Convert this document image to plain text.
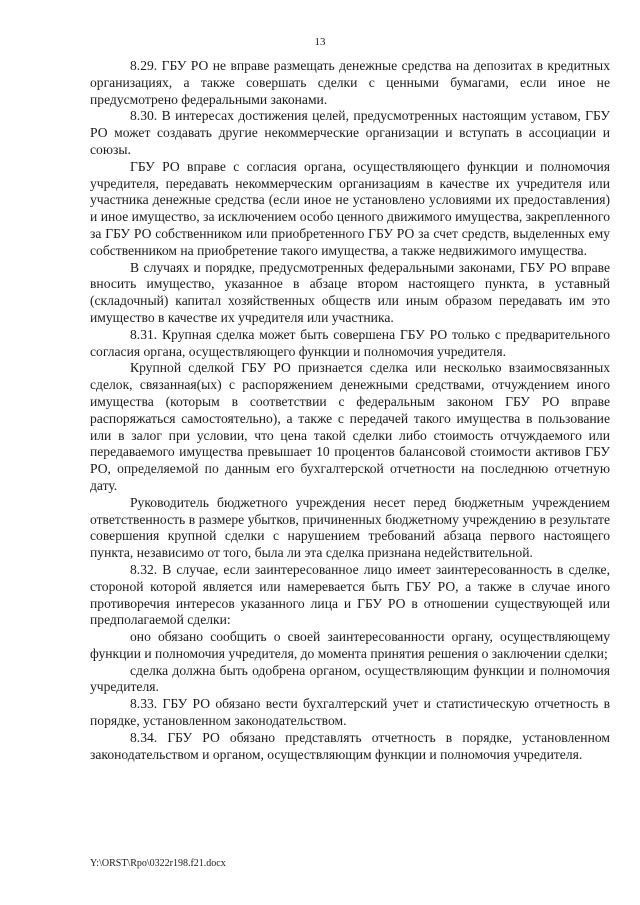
13

8.29. ГБУ РО не вправе размещать денежные средства на депозитах в кредитных организациях, а также совершать сделки с ценными бумагами, если иное не предусмотрено федеральными законами.

8.30. В интересах достижения целей, предусмотренных настоящим уставом, ГБУ РО может создавать другие некоммерческие организации и вступать в ассоциации и союзы.

ГБУ РО вправе с согласия органа, осуществляющего функции и полномочия учредителя, передавать некоммерческим организациям в качестве их учредителя или участника денежные средства (если иное не установлено условиями их предоставления) и иное имущество, за исключением особо ценного движимого имущества, закрепленного за ГБУ РО собственником или приобретенного ГБУ РО за счет средств, выделенных ему собственником на приобретение такого имущества, а также недвижимого имущества.

В случаях и порядке, предусмотренных федеральными законами, ГБУ РО вправе вносить имущество, указанное в абзаце втором настоящего пункта, в уставный (складочный) капитал хозяйственных обществ или иным образом передавать им это имущество в качестве их учредителя или участника.

8.31. Крупная сделка может быть совершена ГБУ РО только с предварительного согласия органа, осуществляющего функции и полномочия учредителя.

Крупной сделкой ГБУ РО признается сделка или несколько взаимосвязанных сделок, связанная(ых) с распоряжением денежными средствами, отчуждением иного имущества (которым в соответствии с федеральным законом ГБУ РО вправе распоряжаться самостоятельно), а также с передачей такого имущества в пользование или в залог при условии, что цена такой сделки либо стоимость отчуждаемого или передаваемого имущества превышает 10 процентов балансовой стоимости активов ГБУ РО, определяемой по данным его бухгалтерской отчетности на последнюю отчетную дату.

Руководитель бюджетного учреждения несет перед бюджетным учреждением ответственность в размере убытков, причиненных бюджетному учреждению в результате совершения крупной сделки с нарушением требований абзаца первого настоящего пункта, независимо от того, была ли эта сделка признана недействительной.

8.32. В случае, если заинтересованное лицо имеет заинтересованность в сделке, стороной которой является или намеревается быть ГБУ РО, а также в случае иного противоречия интересов указанного лица и ГБУ РО в отношении существующей или предполагаемой сделки:

оно обязано сообщить о своей заинтересованности органу, осуществляющему функции и полномочия учредителя, до момента принятия решения о заключении сделки;

сделка должна быть одобрена органом, осуществляющим функции и полномочия учредителя.

8.33. ГБУ РО обязано вести бухгалтерский учет и статистическую отчетность в порядке, установленном законодательством.

8.34. ГБУ РО обязано представлять отчетность в порядке, установленном законодательством и органом, осуществляющим функции и полномочия учредителя.

Y:\ORST\Rpo\0322r198.f21.docx
